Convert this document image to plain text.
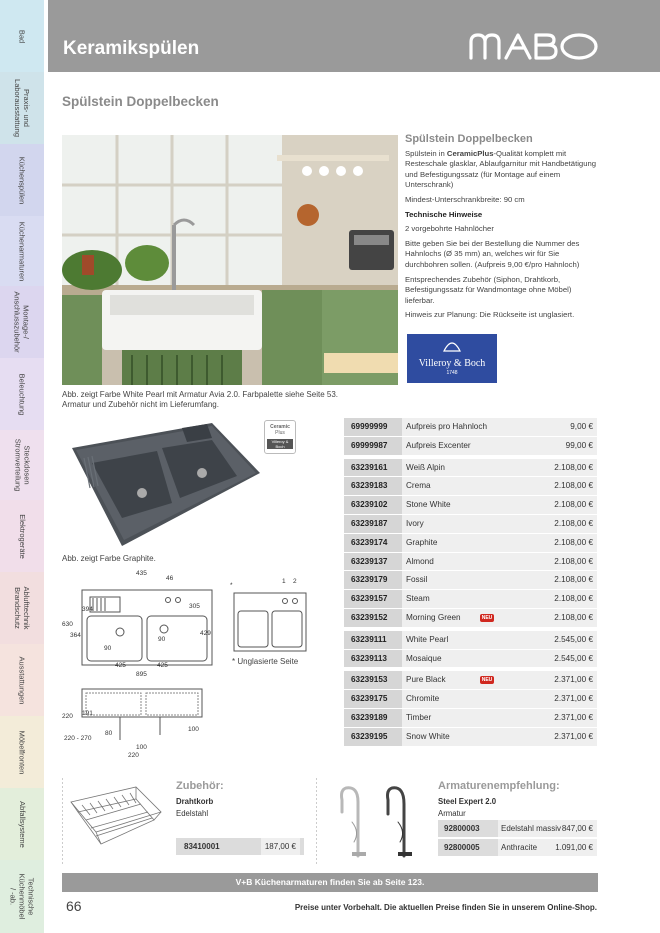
Bad
Praxis- und Laborausstattung
Küchenspülen
Küchenarmaturen
Montage-/ Anschlusszubehör
Beleuchtung
Steckdosen Stromverteilung
Elektrogeräte
Ablufttechnik Brandschutz
Ausstattungen
Möbelfronten
Abfallsysteme
Technische Küchenmöbel / -ab.
Keramikspülen
Spülstein Doppelbecken
Abb. zeigt Farbe White Pearl mit Armatur Avia 2.0. Farbpalette siehe Seite 53.
Armatur und Zubehör nicht im Lieferumfang.
Spülstein Doppelbecken

Spülstein in CeramicPlus-Qualität komplett mit Resteschale glasklar, Ablaufgarnitur mit Handbetätigung und Befestigungssatz (für Montage auf einem Unterschrank)

Mindest-Unterschrankbreite: 90 cm

Technische Hinweise

2 vorgebohrte Hahnlöcher

Bitte geben Sie bei der Bestellung die Nummer des Hahnlochs (Ø 35 mm) an, welches wir für Sie durchbohren sollen. (Aufpreis 9,00 €/pro Hahnloch)

Entsprechendes Zubehör (Siphon, Drahtkorb, Befestigungssatz für Wandmontage ohne Möbel) lieferbar.

Hinweis zur Planung: Die Rückseite ist unglasiert.

Villeroy & Boch
1748
Ceramic
Plus
Villeroy & Boch
Abb. zeigt Farbe Graphite.
435
46
394	305
630
364	429
90
90
425	425
895
*
1 2
* Unglasierte Seite
220 191
80
100
220 - 270
100
220
69999999	Aufpreis pro Hahnloch	9,00 €
69999987	Aufpreis Excenter	99,00 €
63239161	Weiß Alpin	2.108,00 €
63239183	Crema	2.108,00 €
63239102	Stone White	2.108,00 €
63239187	Ivory	2.108,00 €
63239174	Graphite	2.108,00 €
63239137	Almond	2.108,00 €
63239179	Fossil	2.108,00 €
63239157	Steam	2.108,00 €
63239152	Morning Green	NEU	2.108,00 €
63239111	White Pearl	2.545,00 €
63239113	Mosaique	2.545,00 €
63239153	Pure Black	NEU	2.371,00 €
63239175	Chromite	2.371,00 €
63239189	Timber	2.371,00 €
63239195	Snow White	2.371,00 €
Zubehör:
Drahtkorb
Edelstahl
83410001	187,00 €
Armaturenempfehlung:
Steel Expert 2.0
Armatur
92800003	Edelstahl massiv 847,00 €
92800005	Anthracite 1.091,00 €
V+B Küchenarmaturen finden Sie ab Seite 123.
66	Preise unter Vorbehalt. Die aktuellen Preise finden Sie in unserem Online-Shop.
